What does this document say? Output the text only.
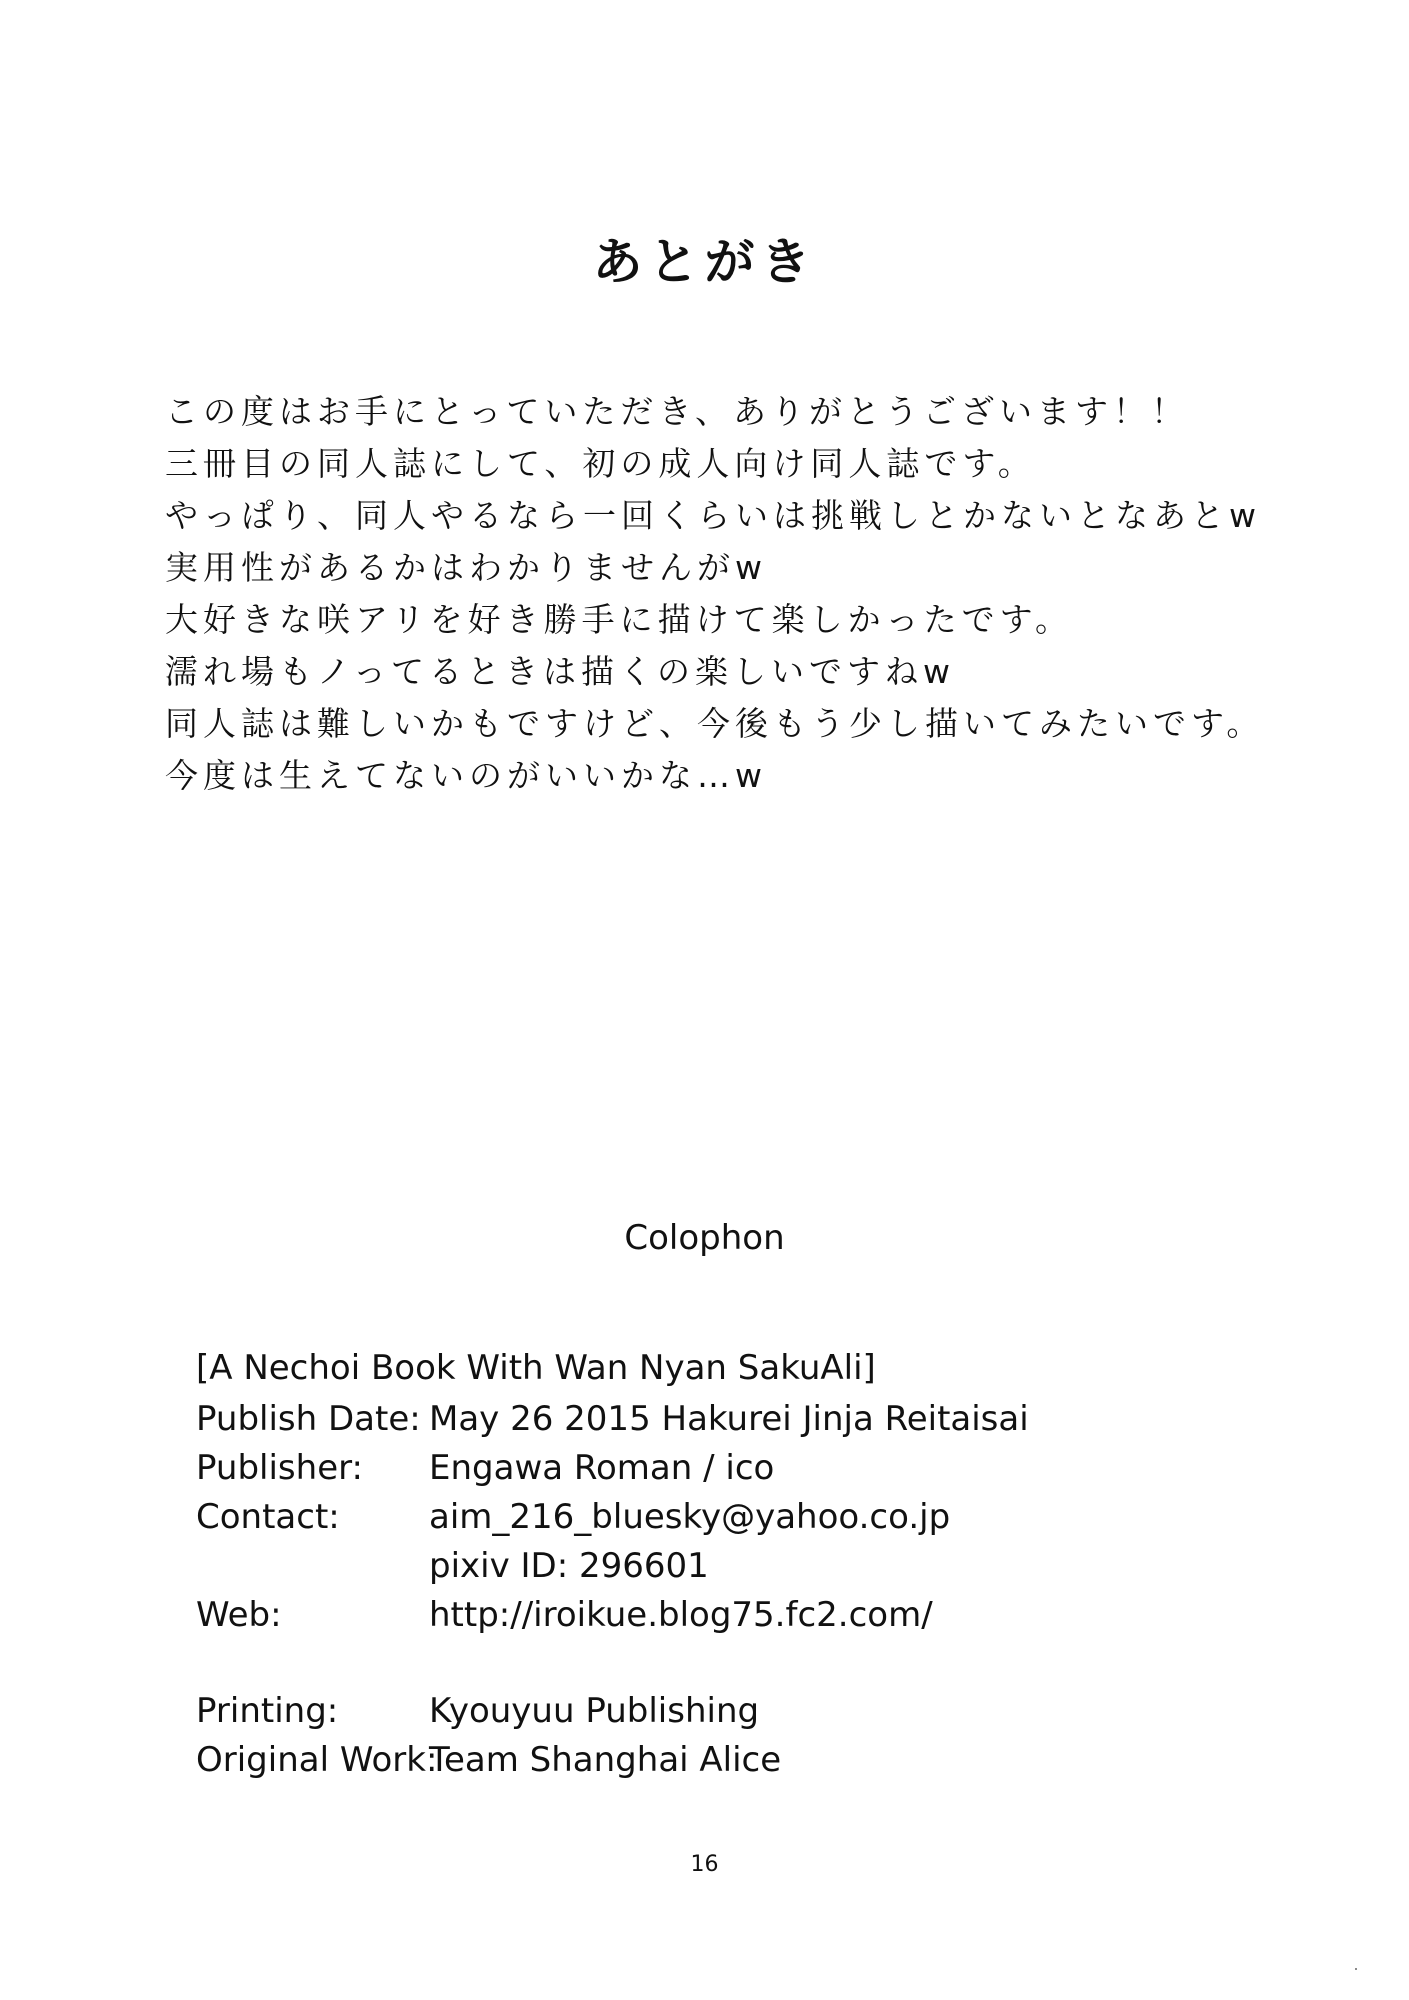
あとがき
この度はお手にとっていただき、ありがとうございます！！
三冊目の同人誌にして、初の成人向け同人誌です。
やっぱり、同人やるなら一回くらいは挑戦しとかないとなあとw
実用性があるかはわかりませんがw
大好きな咲アリを好き勝手に描けて楽しかったです。
濡れ場もノってるときは描くの楽しいですねw
同人誌は難しいかもですけど、今後もう少し描いてみたいです。
今度は生えてないのがいいかな…w
Colophon
[A Nechoi Book With Wan Nyan SakuAli]
Publish Date: May 26 2015 Hakurei Jinja Reitaisai
Publisher:	Engawa Roman / ico
Contact:	aim_216_bluesky@yahoo.co.jp
pixiv ID: 296601
Web:	http://iroikue.blog75.fc2.com/
Printing:	Kyouyuu Publishing
Original Work:
Team Shanghai Alice
16
